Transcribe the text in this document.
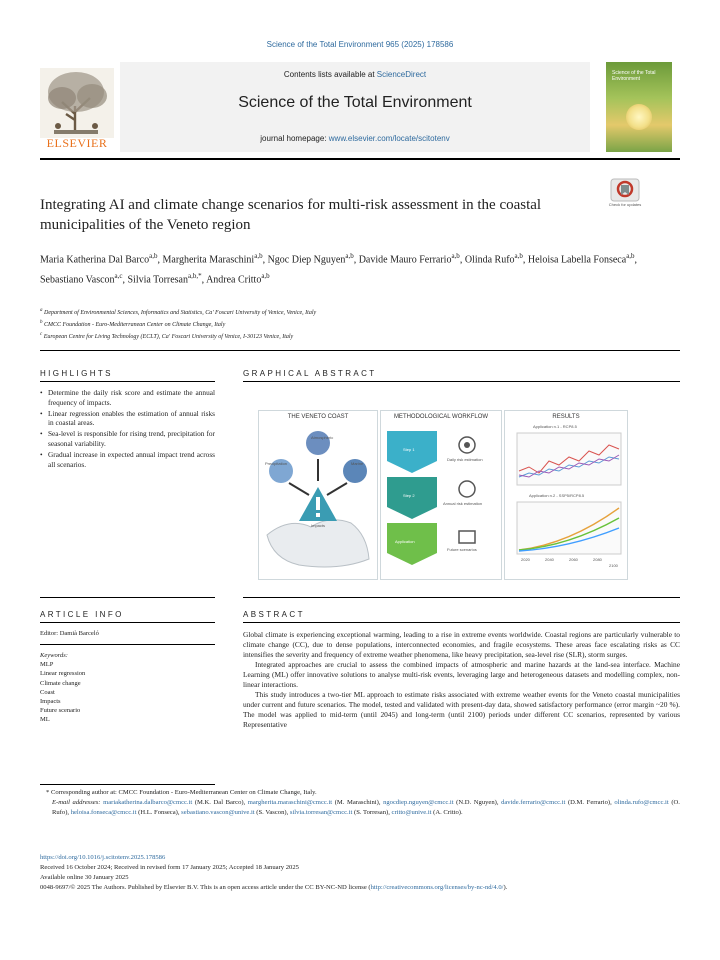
Science of the Total Environment 965 (2025) 178586
ELSEVIER
Contents lists available at ScienceDirect
Science of the Total Environment
journal homepage: www.elsevier.com/locate/scitotenv
Science of the Total Environment
Integrating AI and climate change scenarios for multi-risk assessment in the coastal municipalities of the Veneto region
Check for updates
Maria Katherina Dal Barco$^{a,b}$, Margherita Maraschini$^{a,b}$, Ngoc Diep Nguyen$^{a,b}$, Davide Mauro Ferrario$^{a,b}$, Olinda Rufo$^{a,b}$, Heloisa Labella Fonseca$^{a,b}$, Sebastiano Vascon$^{a,c}$, Silvia Torresan$^{a,b,*}$, Andrea Critto$^{a,b}$
$^a$ Department of Environmental Sciences, Informatics and Statistics, Ca' Foscari University of Venice, Venice, Italy
$^b$ CMCC Foundation - Euro-Mediterranean Center on Climate Change, Italy
$^c$ European Centre for Living Technology (ECLT), Ca' Foscari University of Venice, I-30123 Venice, Italy
HIGHLIGHTS	GRAPHICAL ABSTRACT
• Determine the daily risk score and estimate the annual frequency of impacts.
• Linear regression enables the estimation of annual risks in coastal areas.
• Sea-level is responsible for rising trend, precipitation for seasonal variability.
• Gradual increase in expected annual impact trend across all scenarios.
THE VENETO COAST
Atmospheric
Precipitation	Marine
Impacts
METHODOLOGICAL WORKFLOW
Step 1
Step 2
Application
Daily risk estimation
Annual risk estimation
Future scenarios
RESULTS
Application n.1 - RCP8.5
Application n.2 - SSP5/RCP8.5
2020	2040	2060	2080
2100
ARTICLE INFO	ABSTRACT
Editor: Damià Barceló
Keywords:
MLP
Linear regression
Climate change
Coast
Impacts
Future scenario
ML

Global climate is experiencing exceptional warming, leading to a rise in extreme events worldwide. Coastal regions are particularly vulnerable to climate change (CC), due to dense populations, interconnected economies, and fragile ecosystems. These areas face escalating risks as CC intensifies the severity and frequency of extreme weather phenomena, like heavy precipitation, sea-level rise (SLR), storm surges.

Integrated approaches are crucial to assess the combined impacts of atmospheric and marine hazards at the land-sea interface. Machine Learning (ML) offer innovative solutions to analyse multi-risk events, leveraging large and heterogeneous datasets and modelling complex, non-linear interactions.

This study introduces a two-tier ML approach to estimate risks associated with extreme weather events for the Veneto coastal municipalities under current and future scenarios. The model, tested and validated with present-day data, showed satisfactory performance (error margin ~20 %). The model was applied to mid-term (until 2045) and long-term (until 2100) periods under different CC scenarios, represented by various Representative

* Corresponding author at: CMCC Foundation - Euro-Mediterranean Center on Climate Change, Italy.

E-mail addresses: mariakatherina.dalbarco@cmcc.it (M.K. Dal Barco), margherita.maraschini@cmcc.it (M. Maraschini), ngocdiep.nguyen@cmcc.it (N.D. Nguyen), davide.ferrario@cmcc.it (D.M. Ferrario), olinda.rufo@cmcc.it (O. Rufo), heloisa.fonseca@cmcc.it (H.L. Fonseca), sebastiano.vascon@unive.it (S. Vascon), silvia.torresan@cmcc.it (S. Torresan), critto@unive.it (A. Critto).

https://doi.org/10.1016/j.scitotenv.2025.178586

Received 16 October 2024; Received in revised form 17 January 2025; Accepted 18 January 2025

Available online 30 January 2025

0048-9697/© 2025 The Authors. Published by Elsevier B.V. This is an open access article under the CC BY-NC-ND license (http://creativecommons.org/licenses/by-nc-nd/4.0/).
